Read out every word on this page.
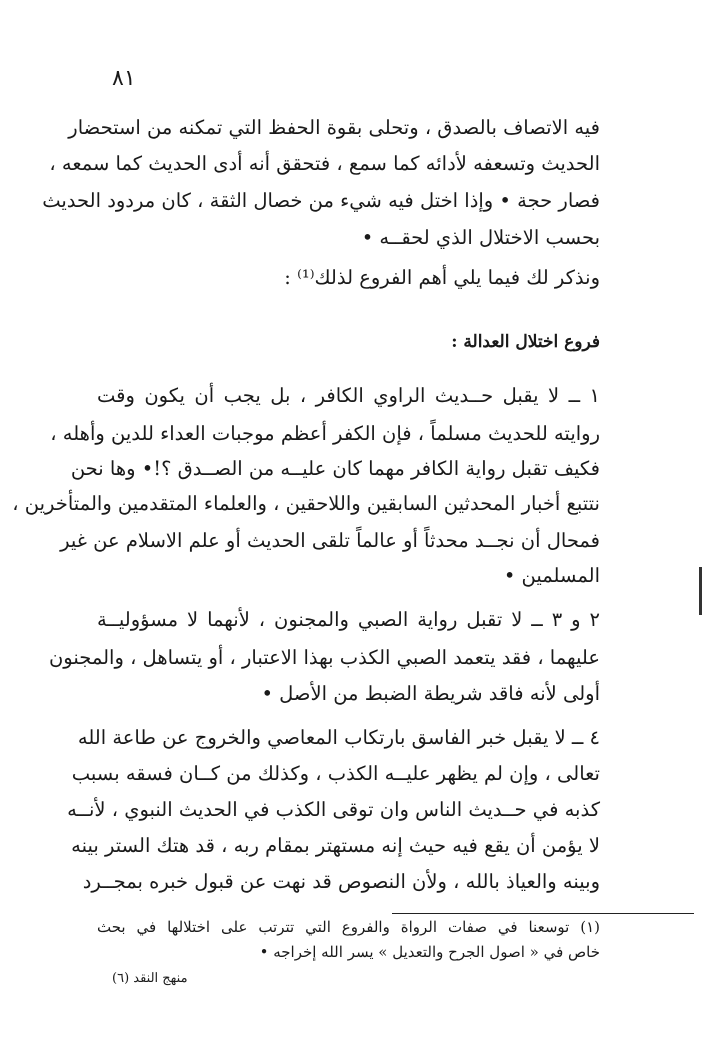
٨١
فيه الاتصاف بالصدق ، وتحلى بقوة الحفظ التي تمكنه من استحضار
الحديث وتسعفه لأدائه كما سمع ، فتحقق أنه أدى الحديث كما سمعه ،
فصار حجة • وإذا اختل فيه شيء من خصال الثقة ، كان مردود الحديث
بحسب الاختلال الذي لحقــه •
ونذكر لك فيما يلي أهم الفروع لذلك⁽¹⁾ :
فروع اختلال العدالة :
١ ــ لا يقبل حــديث الراوي الكافر ، بل يجب أن يكون وقت
روايته للحديث مسلماً ، فإن الكفر أعظم موجبات العداء للدين وأهله ،
فكيف تقبل رواية الكافر مهما كان عليــه من الصــدق ؟!• وها نحن
نتتبع أخبار المحدثين السابقين واللاحقين ، والعلماء المتقدمين والمتأخرين ،
فمحال أن نجــد محدثاً أو عالماً تلقى الحديث أو علم الاسلام عن غير
المسلمين •
٢ و ٣ ــ لا تقبل رواية الصبي والمجنون ، لأنهما لا مسؤوليــة
عليهما ، فقد يتعمد الصبي الكذب بهذا الاعتبار ، أو يتساهل ، والمجنون
أولى لأنه فاقد شريطة الضبط من الأصل •
٤ ــ لا يقبل خبر الفاسق بارتكاب المعاصي والخروج عن طاعة الله
تعالى ، وإن لم يظهر عليــه الكذب ، وكذلك من كــان فسقه بسبب
كذبه في حــديث الناس وان توقى الكذب في الحديث النبوي ، لأنــه
لا يؤمن أن يقع فيه حيث إنه مستهتر بمقام ربه ، قد هتك الستر بينه
وبينه والعياذ بالله ، ولأن النصوص قد نهت عن قبول خبره بمجــرد
(١) توسعنا في صفات الرواة والفروع التي تترتب على اختلالها في بحث
خاص في « اصول الجرح والتعديل » يسر الله إخراجه •
منهج النقد (٦)
